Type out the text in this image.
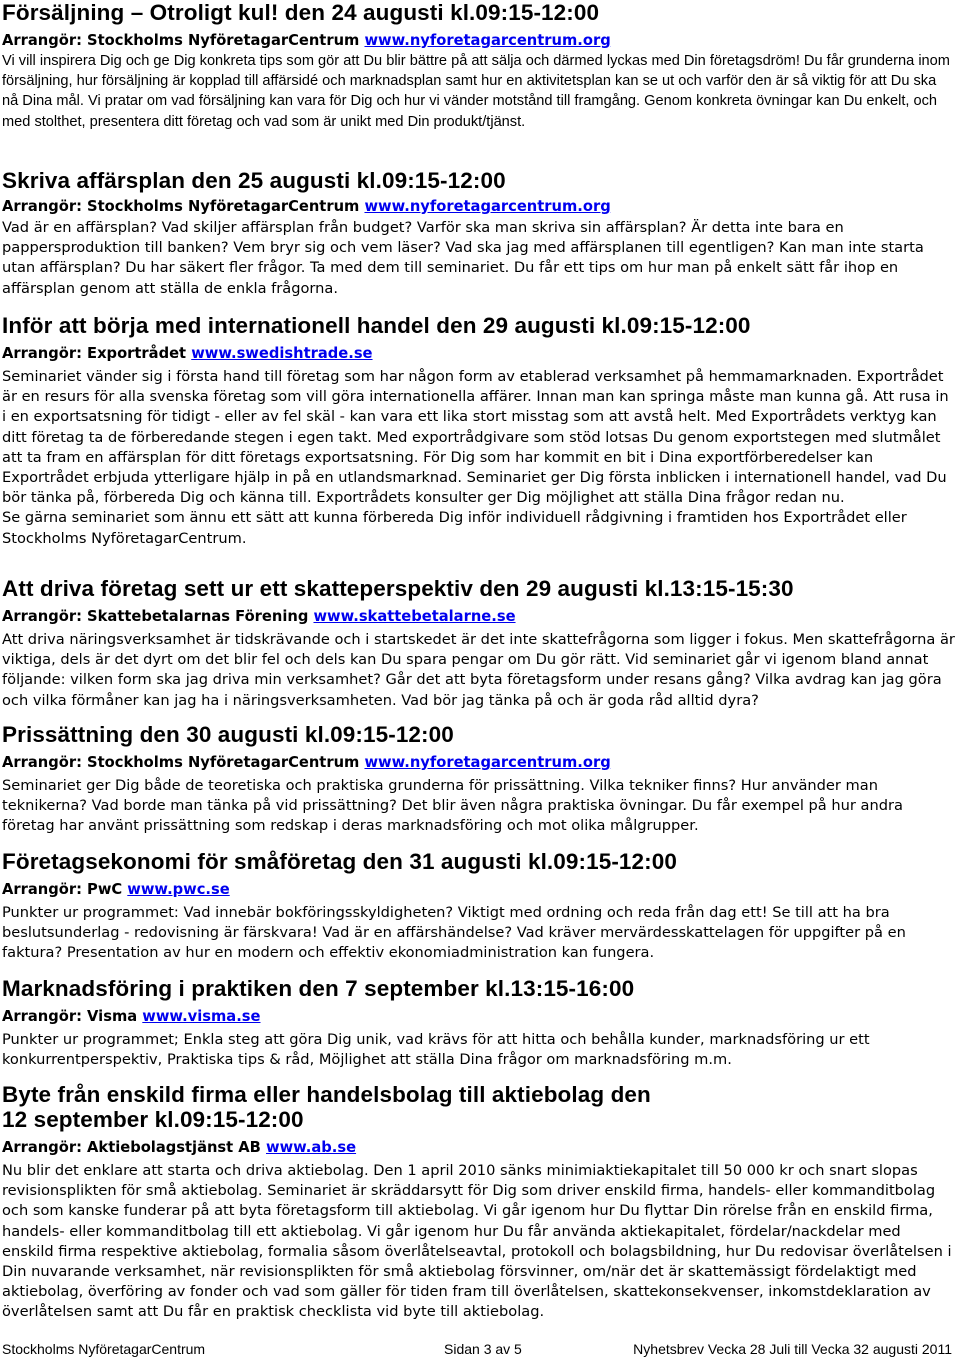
Försäljning – Otroligt kul! den 24 augusti kl.09:15-12:00
Arrangör: Stockholms NyföretagarCentrum www.nyforetagarcentrum.org

Vi vill inspirera Dig och ge Dig konkreta tips som gör att Du blir bättre på att sälja och därmed lyckas med Din företagsdröm! Du får grunderna inom försäljning, hur försäljning är kopplad till affärsidé och marknadsplan samt hur en aktivitetsplan kan se ut och varför den är så viktig för att Du ska nå Dina mål. Vi pratar om vad försäljning kan vara för Dig och hur vi vänder motstånd till framgång. Genom konkreta övningar kan Du enkelt, och med stolthet, presentera ditt företag och vad som är unikt med Din produkt/tjänst.

Skriva affärsplan den 25 augusti kl.09:15-12:00
Arrangör: Stockholms NyföretagarCentrum www.nyforetagarcentrum.org

Vad är en affärsplan? Vad skiljer affärsplan från budget? Varför ska man skriva sin affärsplan? Är detta inte bara en pappersproduktion till banken? Vem bryr sig och vem läser? Vad ska jag med affärsplanen till egentligen? Kan man inte starta utan affärsplan? Du har säkert fler frågor. Ta med dem till seminariet. Du får ett tips om hur man på enkelt sätt får ihop en affärsplan genom att ställa de enkla frågorna.

Inför att börja med internationell handel den 29 augusti kl.09:15-12:00
Arrangör: Exportrådet www.swedishtrade.se

Seminariet vänder sig i första hand till företag som har någon form av etablerad verksamhet på hemmamarknaden. Exportrådet är en resurs för alla svenska företag som vill göra internationella affärer. Innan man kan springa måste man kunna gå. Att rusa in i en exportsatsning för tidigt - eller av fel skäl - kan vara ett lika stort misstag som att avstå helt. Med Exportrådets verktyg kan ditt företag ta de förberedande stegen i egen takt. Med exportrådgivare som stöd lotsas Du genom exportstegen med slutmålet att ta fram en affärsplan för ditt företags exportsatsning. För Dig som har kommit en bit i Dina exportförberedelser kan Exportrådet erbjuda ytterligare hjälp in på en utlandsmarknad. Seminariet ger Dig första inblicken i internationell handel, vad Du bör tänka på, förbereda Dig och känna till. Exportrådets konsulter ger Dig möjlighet att ställa Dina frågor redan nu.

Se gärna seminariet som ännu ett sätt att kunna förbereda Dig inför individuell rådgivning i framtiden hos Exportrådet eller Stockholms NyföretagarCentrum.

Att driva företag sett ur ett skatteperspektiv den 29 augusti kl.13:15-15:30
Arrangör: Skattebetalarnas Förening www.skattebetalarne.se

Att driva näringsverksamhet är tidskrävande och i startskedet är det inte skattefrågorna som ligger i fokus. Men skattefrågorna är viktiga, dels är det dyrt om det blir fel och dels kan Du spara pengar om Du gör rätt. Vid seminariet går vi igenom bland annat följande: vilken form ska jag driva min verksamhet? Går det att byta företagsform under resans gång? Vilka avdrag kan jag göra och vilka förmåner kan jag ha i näringsverksamheten. Vad bör jag tänka på och är goda råd alltid dyra?

Prissättning den 30 augusti kl.09:15-12:00
Arrangör: Stockholms NyföretagarCentrum www.nyforetagarcentrum.org

Seminariet ger Dig både de teoretiska och praktiska grunderna för prissättning. Vilka tekniker finns? Hur använder man teknikerna? Vad borde man tänka på vid prissättning? Det blir även några praktiska övningar. Du får exempel på hur andra företag har använt prissättning som redskap i deras marknadsföring och mot olika målgrupper.

Företagsekonomi för småföretag den 31 augusti kl.09:15-12:00
Arrangör: PwC www.pwc.se

Punkter ur programmet: Vad innebär bokföringsskyldigheten? Viktigt med ordning och reda från dag ett! Se till att ha bra beslutsunderlag - redovisning är färskvara! Vad är en affärshändelse? Vad kräver mervärdesskattelagen för uppgifter på en faktura? Presentation av hur en modern och effektiv ekonomiadministration kan fungera.

Marknadsföring i praktiken den 7 september kl.13:15-16:00
Arrangör: Visma www.visma.se

Punkter ur programmet; Enkla steg att göra Dig unik, vad krävs för att hitta och behålla kunder, marknadsföring ur ett konkurrentperspektiv, Praktiska tips & råd, Möjlighet att ställa Dina frågor om marknadsföring m.m.

Byte från enskild firma eller handelsbolag till aktiebolag den 12 september kl.09:15-12:00
Arrangör: Aktiebolagstjänst AB www.ab.se

Nu blir det enklare att starta och driva aktiebolag. Den 1 april 2010 sänks minimiaktiekapitalet till 50 000 kr och snart slopas revisionsplikten för små aktiebolag. Seminariet är skräddarsytt för Dig som driver enskild firma, handels- eller kommanditbolag och som kanske funderar på att byta företagsform till aktiebolag. Vi går igenom hur Du flyttar Din rörelse från en enskild firma, handels- eller kommanditbolag till ett aktiebolag. Vi går igenom hur Du får använda aktiekapitalet, fördelar/nackdelar med enskild firma respektive aktiebolag, formalia såsom överlåtelseavtal, protokoll och bolagsbildning, hur Du redovisar överlåtelsen i Din nuvarande verksamhet, när revisionsplikten för små aktiebolag försvinner, om/när det är skattemässigt fördelaktigt med aktiebolag, överföring av fonder och vad som gäller för tiden fram till överlåtelsen, skattekonsekvenser, inkomstdeklaration av överlåtelsen samt att Du får en praktisk checklista vid byte till aktiebolag.

Stockholms NyföretagarCentrum	Sidan 3 av 5	Nyhetsbrev Vecka 28 Juli till Vecka 32 augusti 2011
